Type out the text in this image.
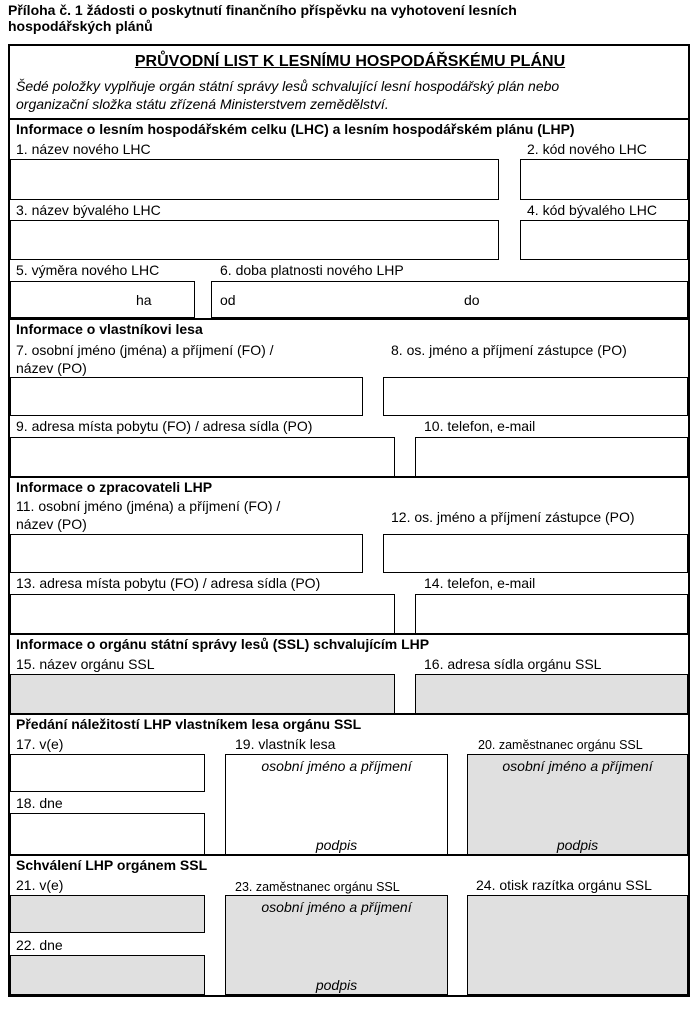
Příloha č. 1 žádosti o poskytnutí finančního příspěvku na vyhotovení lesních
hospodářských plánů
PRŮVODNÍ LIST K LESNÍMU HOSPODÁŘSKÉMU PLÁNU
Šedé položky vyplňuje orgán státní správy lesů schvalující lesní hospodářský plán nebo
organizační složka státu zřízená Ministerstvem zemědělství.
Informace o lesním hospodářském celku (LHC) a lesním hospodářském plánu (LHP)
1. název nového LHC	2. kód nového LHC
3. název bývalého LHC	4. kód bývalého LHC
5. výměra nového LHC	6. doba platnosti nového LHP
ha	od	do
Informace o vlastníkovi lesa
7. osobní jméno (jména) a příjmení (FO) /
název (PO)
8. os. jméno a příjmení zástupce (PO)
9. adresa místa pobytu (FO) / adresa sídla (PO)	10. telefon, e-mail
Informace o zpracovateli LHP
11. osobní jméno (jména) a příjmení (FO) /
název (PO)	12. os. jméno a příjmení zástupce (PO)
13. adresa místa pobytu (FO) / adresa sídla (PO)	14. telefon, e-mail
Informace o orgánu státní správy lesů (SSL) schvalujícím LHP
15. název orgánu SSL	16. adresa sídla orgánu SSL
Předání náležitostí LHP vlastníkem lesa orgánu SSL
17. v(e)	19. vlastník lesa	20. zaměstnanec orgánu SSL
18. dne
osobní jméno a příjmení
podpis
osobní jméno a příjmení
podpis
Schválení LHP orgánem SSL
21. v(e)	23. zaměstnanec orgánu SSL	24. otisk razítka orgánu SSL
22. dne
osobní jméno a příjmení
podpis
